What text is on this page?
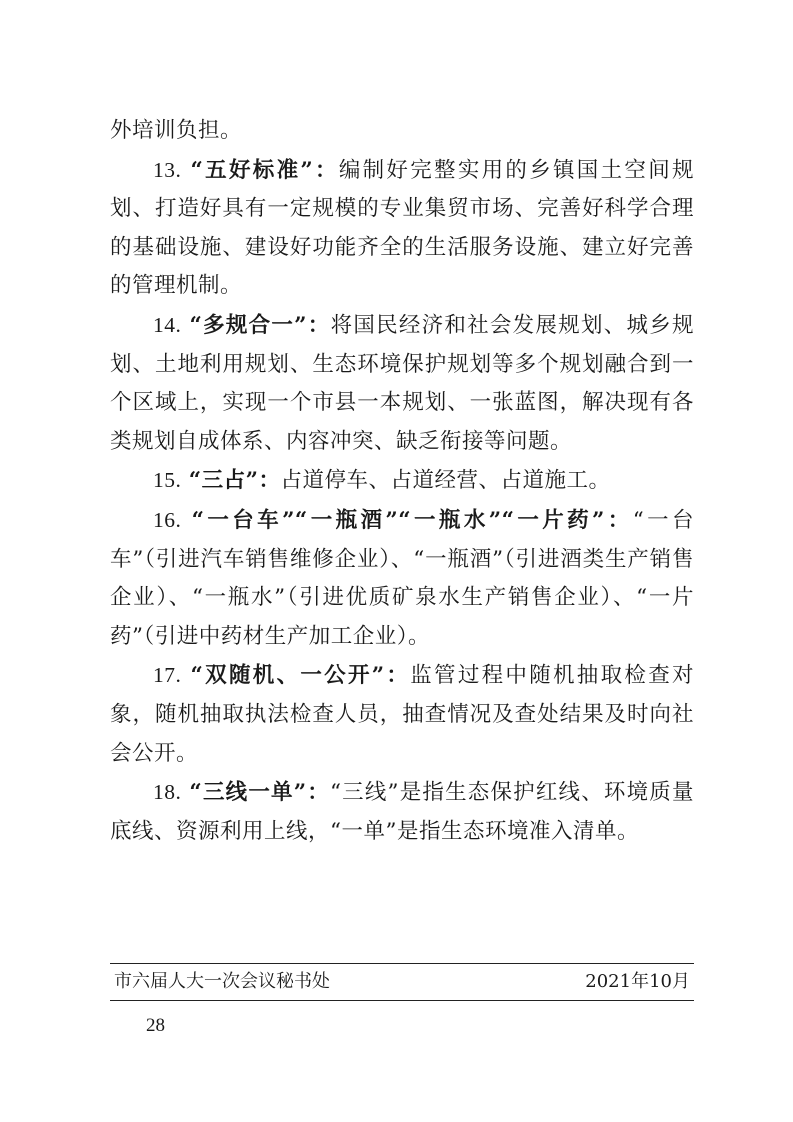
外培训负担。

13. “五好标准”：编制好完整实用的乡镇国土空间规划、打造好具有一定规模的专业集贸市场、完善好科学合理的基础设施、建设好功能齐全的生活服务设施、建立好完善的管理机制。

14. “多规合一”：将国民经济和社会发展规划、城乡规划、土地利用规划、生态环境保护规划等多个规划融合到一个区域上，实现一个市县一本规划、一张蓝图，解决现有各类规划自成体系、内容冲突、缺乏衔接等问题。

15. “三占”：占道停车、占道经营、占道施工。

16. “一台车”“一瓶酒”“一瓶水”“一片药”：“一台车”（引进汽车销售维修企业）、“一瓶酒”（引进酒类生产销售企业）、“一瓶水”（引进优质矿泉水生产销售企业）、“一片药”（引进中药材生产加工企业）。

17. “双随机、一公开”：监管过程中随机抽取检查对象，随机抽取执法检查人员，抽查情况及查处结果及时向社会公开。

18. “三线一单”：“三线”是指生态保护红线、环境质量底线、资源利用上线，“一单”是指生态环境准入清单。

市六届人大一次会议秘书处	2021年10月
28
